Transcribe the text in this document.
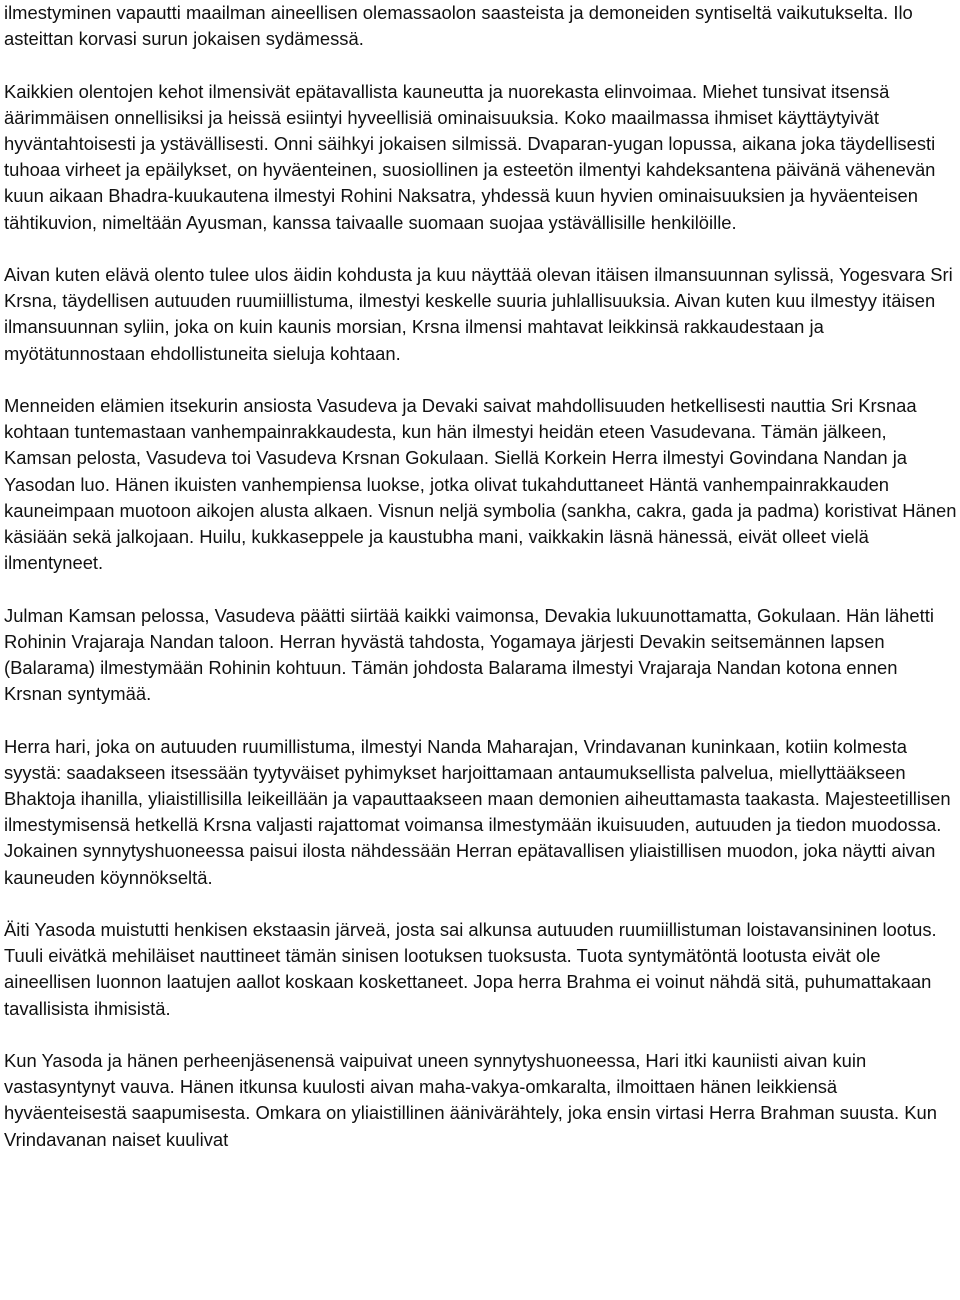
ilmestyminen vapautti maailman aineellisen olemassaolon saasteista ja demoneiden syntiseltä vaikutukselta. Ilo asteittan korvasi surun jokaisen sydämessä.

Kaikkien olentojen kehot ilmensivät epätavallista kauneutta ja nuorekasta elinvoimaa. Miehet tunsivat itsensä äärimmäisen onnellisiksi ja heissä esiintyi hyveellisiä ominaisuuksia. Koko maailmassa ihmiset käyttäytyivät hyväntahtoisesti ja ystävällisesti. Onni säihkyi jokaisen silmissä. Dvaparan-yugan lopussa, aikana joka täydellisesti tuhoaa virheet ja epäilykset, on hyväenteinen, suosiollinen ja esteetön ilmentyi kahdeksantena päivänä vähenevän kuun aikaan Bhadra-kuukautena ilmestyi Rohini Naksatra, yhdessä kuun hyvien ominaisuuksien ja hyväenteisen tähtikuvion, nimeltään Ayusman, kanssa taivaalle suomaan suojaa ystävällisille henkilöille.

Aivan kuten elävä olento tulee ulos äidin kohdusta ja kuu näyttää olevan itäisen ilmansuunnan sylissä, Yogesvara Sri Krsna, täydellisen autuuden ruumiillistuma, ilmestyi keskelle suuria juhlallisuuksia. Aivan kuten kuu ilmestyy itäisen ilmansuunnan syliin, joka on kuin kaunis morsian, Krsna ilmensi mahtavat leikkinsä rakkaudestaan ja myötätunnostaan ehdollistuneita sieluja kohtaan.

Menneiden elämien itsekurin ansiosta Vasudeva ja Devaki saivat mahdollisuuden hetkellisesti nauttia Sri Krsnaa kohtaan tuntemastaan vanhempainrakkaudesta, kun hän ilmestyi heidän eteen Vasudevana. Tämän jälkeen, Kamsan pelosta, Vasudeva toi Vasudeva Krsnan Gokulaan. Siellä Korkein Herra ilmestyi Govindana Nandan ja Yasodan luo. Hänen ikuisten vanhempiensa luokse, jotka olivat tukahduttaneet Häntä vanhempainrakkauden kauneimpaan muotoon aikojen alusta alkaen. Visnun neljä symbolia (sankha, cakra, gada ja padma) koristivat Hänen käsiään sekä jalkojaan. Huilu, kukkaseppele ja kaustubha mani, vaikkakin läsnä hänessä, eivät olleet vielä ilmentyneet.

Julman Kamsan pelossa, Vasudeva päätti siirtää kaikki vaimonsa, Devakia lukuunottamatta, Gokulaan. Hän lähetti Rohinin Vrajaraja Nandan taloon. Herran hyvästä tahdosta, Yogamaya järjesti Devakin seitsemännen lapsen (Balarama) ilmestymään Rohinin kohtuun. Tämän johdosta Balarama ilmestyi Vrajaraja Nandan kotona ennen Krsnan syntymää.

Herra hari, joka on autuuden ruumillistuma, ilmestyi Nanda Maharajan, Vrindavanan kuninkaan, kotiin kolmesta syystä: saadakseen itsessään tyytyväiset pyhimykset harjoittamaan antaumuksellista palvelua, miellyttääkseen Bhaktoja ihanilla, yliaistillisilla leikeillään ja vapauttaakseen maan demonien aiheuttamasta taakasta. Majesteetillisen ilmestymisensä hetkellä Krsna valjasti rajattomat voimansa ilmestymään ikuisuuden, autuuden ja tiedon muodossa. Jokainen synnytyshuoneessa paisui ilosta nähdessään Herran epätavallisen yliaistillisen muodon, joka näytti aivan kauneuden köynnökseltä.

Äiti Yasoda muistutti henkisen ekstaasin järveä, josta sai alkunsa autuuden ruumiillistuman loistavansininen lootus. Tuuli eivätkä mehiläiset nauttineet tämän sinisen lootuksen tuoksusta. Tuota syntymätöntä lootusta eivät ole aineellisen luonnon laatujen aallot koskaan koskettaneet. Jopa herra Brahma ei voinut nähdä sitä, puhumattakaan tavallisista ihmisistä.

Kun Yasoda ja hänen perheenjäsenensä vaipuivat uneen synnytyshuoneessa, Hari itki kauniisti aivan kuin vastasyntynyt vauva. Hänen itkunsa kuulosti aivan maha-vakya-omkaralta, ilmoittaen hänen leikkiensä hyväenteisestä saapumisesta. Omkara on yliaistillinen äänivärähtely, joka ensin virtasi Herra Brahman suusta. Kun Vrindavanan naiset kuulivat
